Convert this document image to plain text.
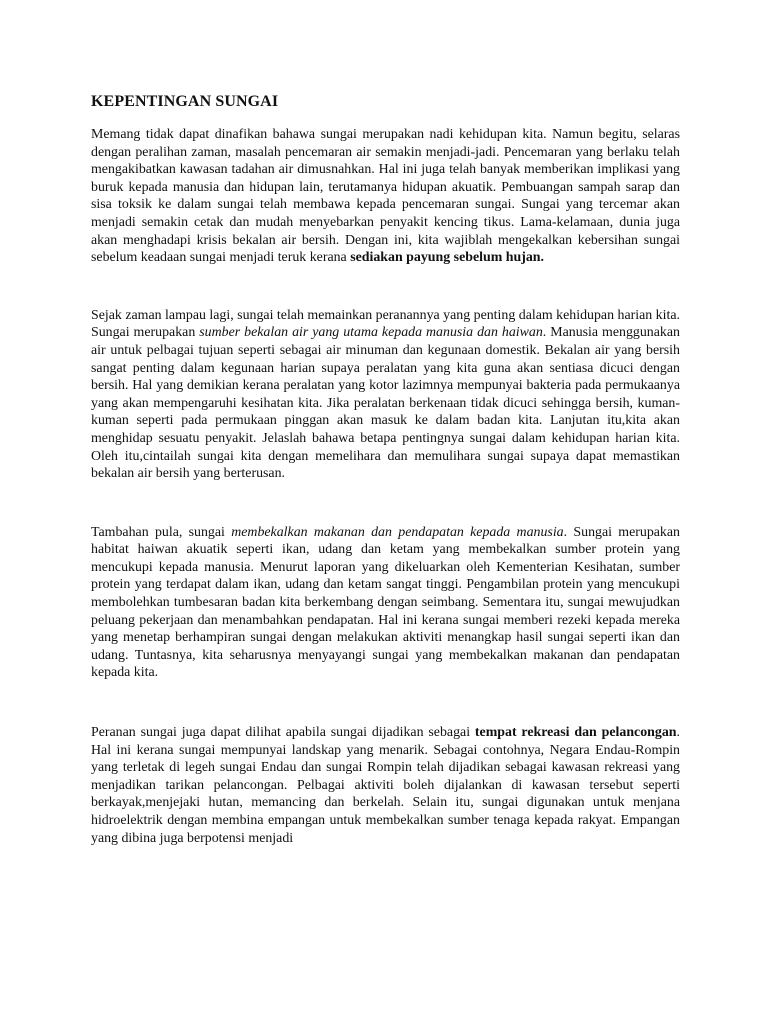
KEPENTINGAN SUNGAI

Memang tidak dapat dinafikan bahawa sungai merupakan nadi kehidupan kita. Namun begitu, selaras dengan peralihan zaman, masalah pencemaran air semakin menjadi-jadi. Pencemaran yang berlaku telah mengakibatkan kawasan tadahan air dimusnahkan. Hal ini juga telah banyak memberikan implikasi yang buruk kepada manusia dan hidupan lain, terutamanya hidupan akuatik. Pembuangan sampah sarap dan sisa toksik ke dalam sungai telah membawa kepada pencemaran sungai. Sungai yang tercemar akan menjadi semakin cetak dan mudah menyebarkan penyakit kencing tikus. Lama-kelamaan, dunia juga akan menghadapi krisis bekalan air bersih. Dengan ini, kita wajiblah mengekalkan kebersihan sungai sebelum keadaan sungai menjadi teruk kerana sediakan payung sebelum hujan.

Sejak zaman lampau lagi, sungai telah memainkan peranannya yang penting dalam kehidupan harian kita. Sungai merupakan sumber bekalan air yang utama kepada manusia dan haiwan. Manusia menggunakan air untuk pelbagai tujuan seperti sebagai air minuman dan kegunaan domestik. Bekalan air yang bersih sangat penting dalam kegunaan harian supaya peralatan yang kita guna akan sentiasa dicuci dengan bersih. Hal yang demikian kerana peralatan yang kotor lazimnya mempunyai bakteria pada permukaanya yang akan mempengaruhi kesihatan kita. Jika peralatan berkenaan tidak dicuci sehingga bersih, kuman-kuman seperti pada permukaan pinggan akan masuk ke dalam badan kita. Lanjutan itu,kita akan menghidap sesuatu penyakit. Jelaslah bahawa betapa pentingnya sungai dalam kehidupan harian kita. Oleh itu,cintailah sungai kita dengan memelihara dan memulihara sungai supaya dapat memastikan bekalan air bersih yang berterusan.

Tambahan pula, sungai membekalkan makanan dan pendapatan kepada manusia. Sungai merupakan habitat haiwan akuatik seperti ikan, udang dan ketam yang membekalkan sumber protein yang mencukupi kepada manusia. Menurut laporan yang dikeluarkan oleh Kementerian Kesihatan, sumber protein yang terdapat dalam ikan, udang dan ketam sangat tinggi. Pengambilan protein yang mencukupi membolehkan tumbesaran badan kita berkembang dengan seimbang. Sementara itu, sungai mewujudkan peluang pekerjaan dan menambahkan pendapatan. Hal ini kerana sungai memberi rezeki kepada mereka yang menetap berhampiran sungai dengan melakukan aktiviti menangkap hasil sungai seperti ikan dan udang. Tuntasnya, kita seharusnya menyayangi sungai yang membekalkan makanan dan pendapatan kepada kita.

Peranan sungai juga dapat dilihat apabila sungai dijadikan sebagai tempat rekreasi dan pelancongan. Hal ini kerana sungai mempunyai landskap yang menarik. Sebagai contohnya, Negara Endau-Rompin yang terletak di legeh sungai Endau dan sungai Rompin telah dijadikan sebagai kawasan rekreasi yang menjadikan tarikan pelancongan. Pelbagai aktiviti boleh dijalankan di kawasan tersebut seperti berkayak,menjejaki hutan, memancing dan berkelah. Selain itu, sungai digunakan untuk menjana hidroelektrik dengan membina empangan untuk membekalkan sumber tenaga kepada rakyat. Empangan yang dibina juga berpotensi menjadi
